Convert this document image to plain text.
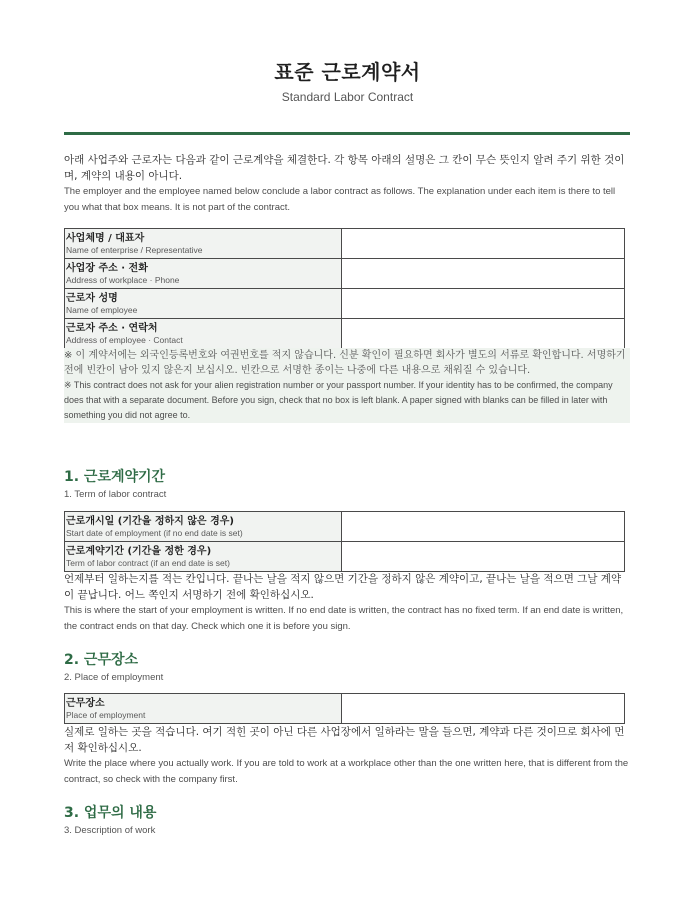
표준 근로계약서
Standard Labor Contract
아래 사업주와 근로자는 다음과 같이 근로계약을 체결한다. 각 항목 아래의 설명은 그 칸이 무슨 뜻인지 알려 주기 위한 것이며, 계약의 내용이 아니다.
The employer and the employee named below conclude a labor contract as follows. The explanation under each item is there to tell you what that box means. It is not part of the contract.
사업체명 / 대표자
Name of enterprise / Representative	

사업장 주소 · 전화
Address of workplace · Phone	

근로자 성명
Name of employee	

근로자 주소 · 연락처
Address of employee · Contact	

※ 이 계약서에는 외국인등록번호와 여권번호를 적지 않습니다. 신분 확인이 필요하면 회사가 별도의 서류로 확인합니다. 서명하기 전에 빈칸이 남아 있지 않은지 보십시오. 빈칸으로 서명한 종이는 나중에 다른 내용으로 채워질 수 있습니다.
※ This contract does not ask for your alien registration number or your passport number. If your identity has to be confirmed, the company does that with a separate document. Before you sign, check that no box is left blank. A paper signed with blanks can be filled in later with something you did not agree to.
1. 근로계약기간
1. Term of labor contract
근로개시일 (기간을 정하지 않은 경우)
Start date of employment (if no end date is set)	

근로계약기간 (기간을 정한 경우)
Term of labor contract (if an end date is set)	

언제부터 일하는지를 적는 칸입니다. 끝나는 날을 적지 않으면 기간을 정하지 않은 계약이고, 끝나는 날을 적으면 그날 계약이 끝납니다. 어느 쪽인지 서명하기 전에 확인하십시오.
This is where the start of your employment is written. If no end date is written, the contract has no fixed term. If an end date is written, the contract ends on that day. Check which one it is before you sign.
2. 근무장소
2. Place of employment
근무장소
Place of employment

실제로 일하는 곳을 적습니다. 여기 적힌 곳이 아닌 다른 사업장에서 일하라는 말을 들으면, 계약과 다른 것이므로 회사에 먼저 확인하십시오.
Write the place where you actually work. If you are told to work at a workplace other than the one written here, that is different from the contract, so check with the company first.
3. 업무의 내용
3. Description of work
